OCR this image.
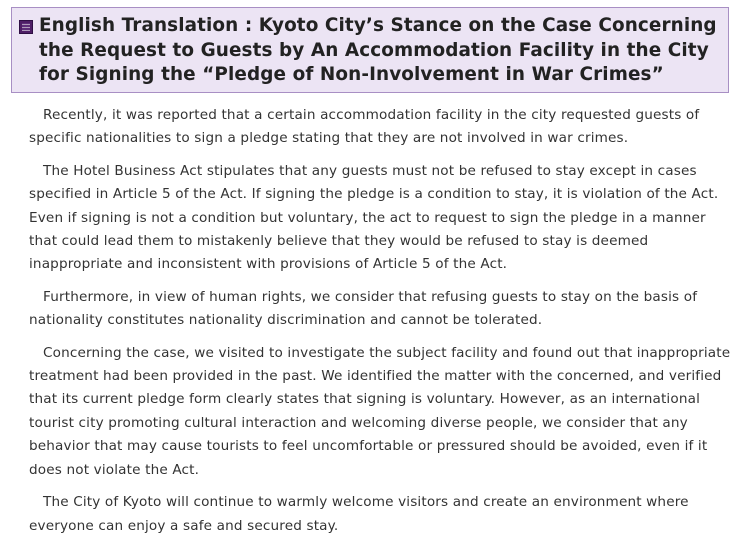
English Translation : Kyoto City’s Stance on the Case Concerning the Request to Guests by An Accommodation Facility in the City for Signing the “Pledge of Non-Involvement in War Crimes”

Recently, it was reported that a certain accommodation facility in the city requested guests of specific nationalities to sign a pledge stating that they are not involved in war crimes.

The Hotel Business Act stipulates that any guests must not be refused to stay except in cases specified in Article 5 of the Act. If signing the pledge is a condition to stay, it is violation of the Act. Even if signing is not a condition but voluntary, the act to request to sign the pledge in a manner that could lead them to mistakenly believe that they would be refused to stay is deemed inappropriate and inconsistent with provisions of Article 5 of the Act.

Furthermore, in view of human rights, we consider that refusing guests to stay on the basis of nationality constitutes nationality discrimination and cannot be tolerated.

Concerning the case, we visited to investigate the subject facility and found out that inappropriate treatment had been provided in the past. We identified the matter with the concerned, and verified that its current pledge form clearly states that signing is voluntary. However, as an international tourist city promoting cultural interaction and welcoming diverse people, we consider that any behavior that may cause tourists to feel uncomfortable or pressured should be avoided, even if it does not violate the Act.

The City of Kyoto will continue to warmly welcome visitors and create an environment where everyone can enjoy a safe and secured stay.
